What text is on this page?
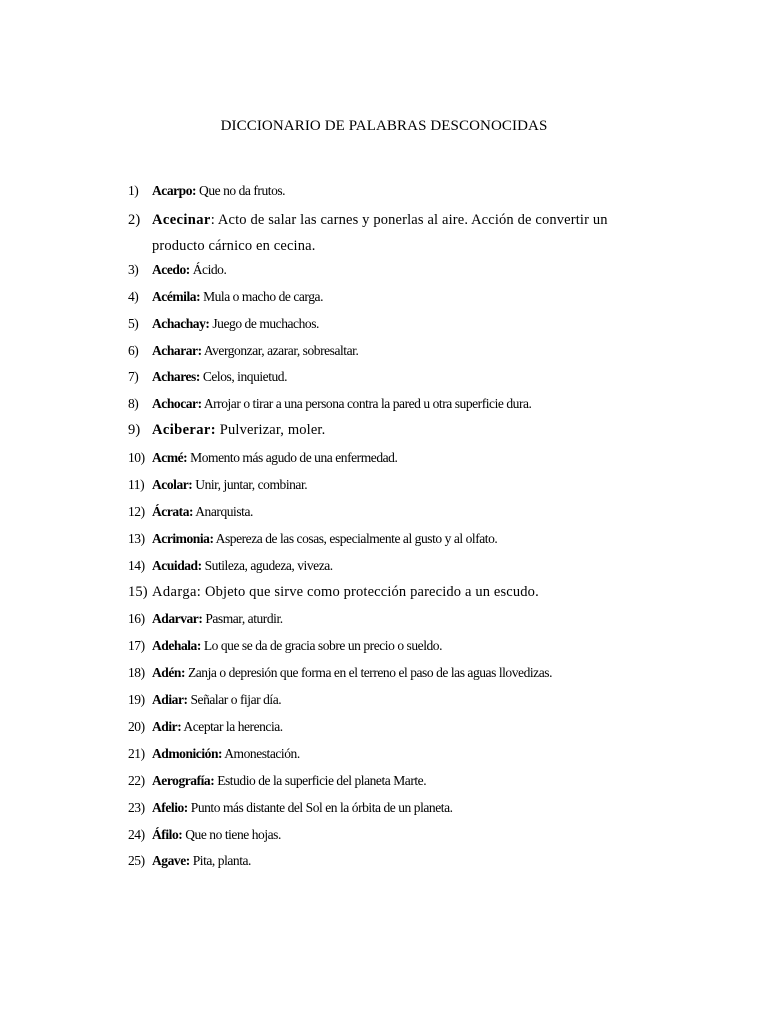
DICCIONARIO DE PALABRAS DESCONOCIDAS
1) Acarpo: Que no da frutos.
2) Acecinar: Acto de salar las carnes y ponerlas al aire. Acción de convertir un producto cárnico en cecina.
3) Acedo: Ácido.
4) Acémila: Mula o macho de carga.
5) Achachay: Juego de muchachos.
6) Acharar: Avergonzar, azarar, sobresaltar.
7) Achares: Celos, inquietud.
8) Achocar: Arrojar o tirar a una persona contra la pared u otra superficie dura.
9) Aciberar: Pulverizar, moler.
10) Acmé: Momento más agudo de una enfermedad.
11) Acolar: Unir, juntar, combinar.
12) Ácrata: Anarquista.
13) Acrimonia: Aspereza de las cosas, especialmente al gusto y al olfato.
14) Acuidad: Sutileza, agudeza, viveza.
15) Adarga: Objeto que sirve como protección parecido a un escudo.
16) Adarvar: Pasmar, aturdir.
17) Adehala: Lo que se da de gracia sobre un precio o sueldo.
18) Adén: Zanja o depresión que forma en el terreno el paso de las aguas llovedizas.
19) Adiar: Señalar o fijar día.
20) Adir: Aceptar la herencia.
21) Admonición: Amonestación.
22) Aerografía: Estudio de la superficie del planeta Marte.
23) Afelio: Punto más distante del Sol en la órbita de un planeta.
24) Áfilo: Que no tiene hojas.
25) Agave: Pita, planta.
